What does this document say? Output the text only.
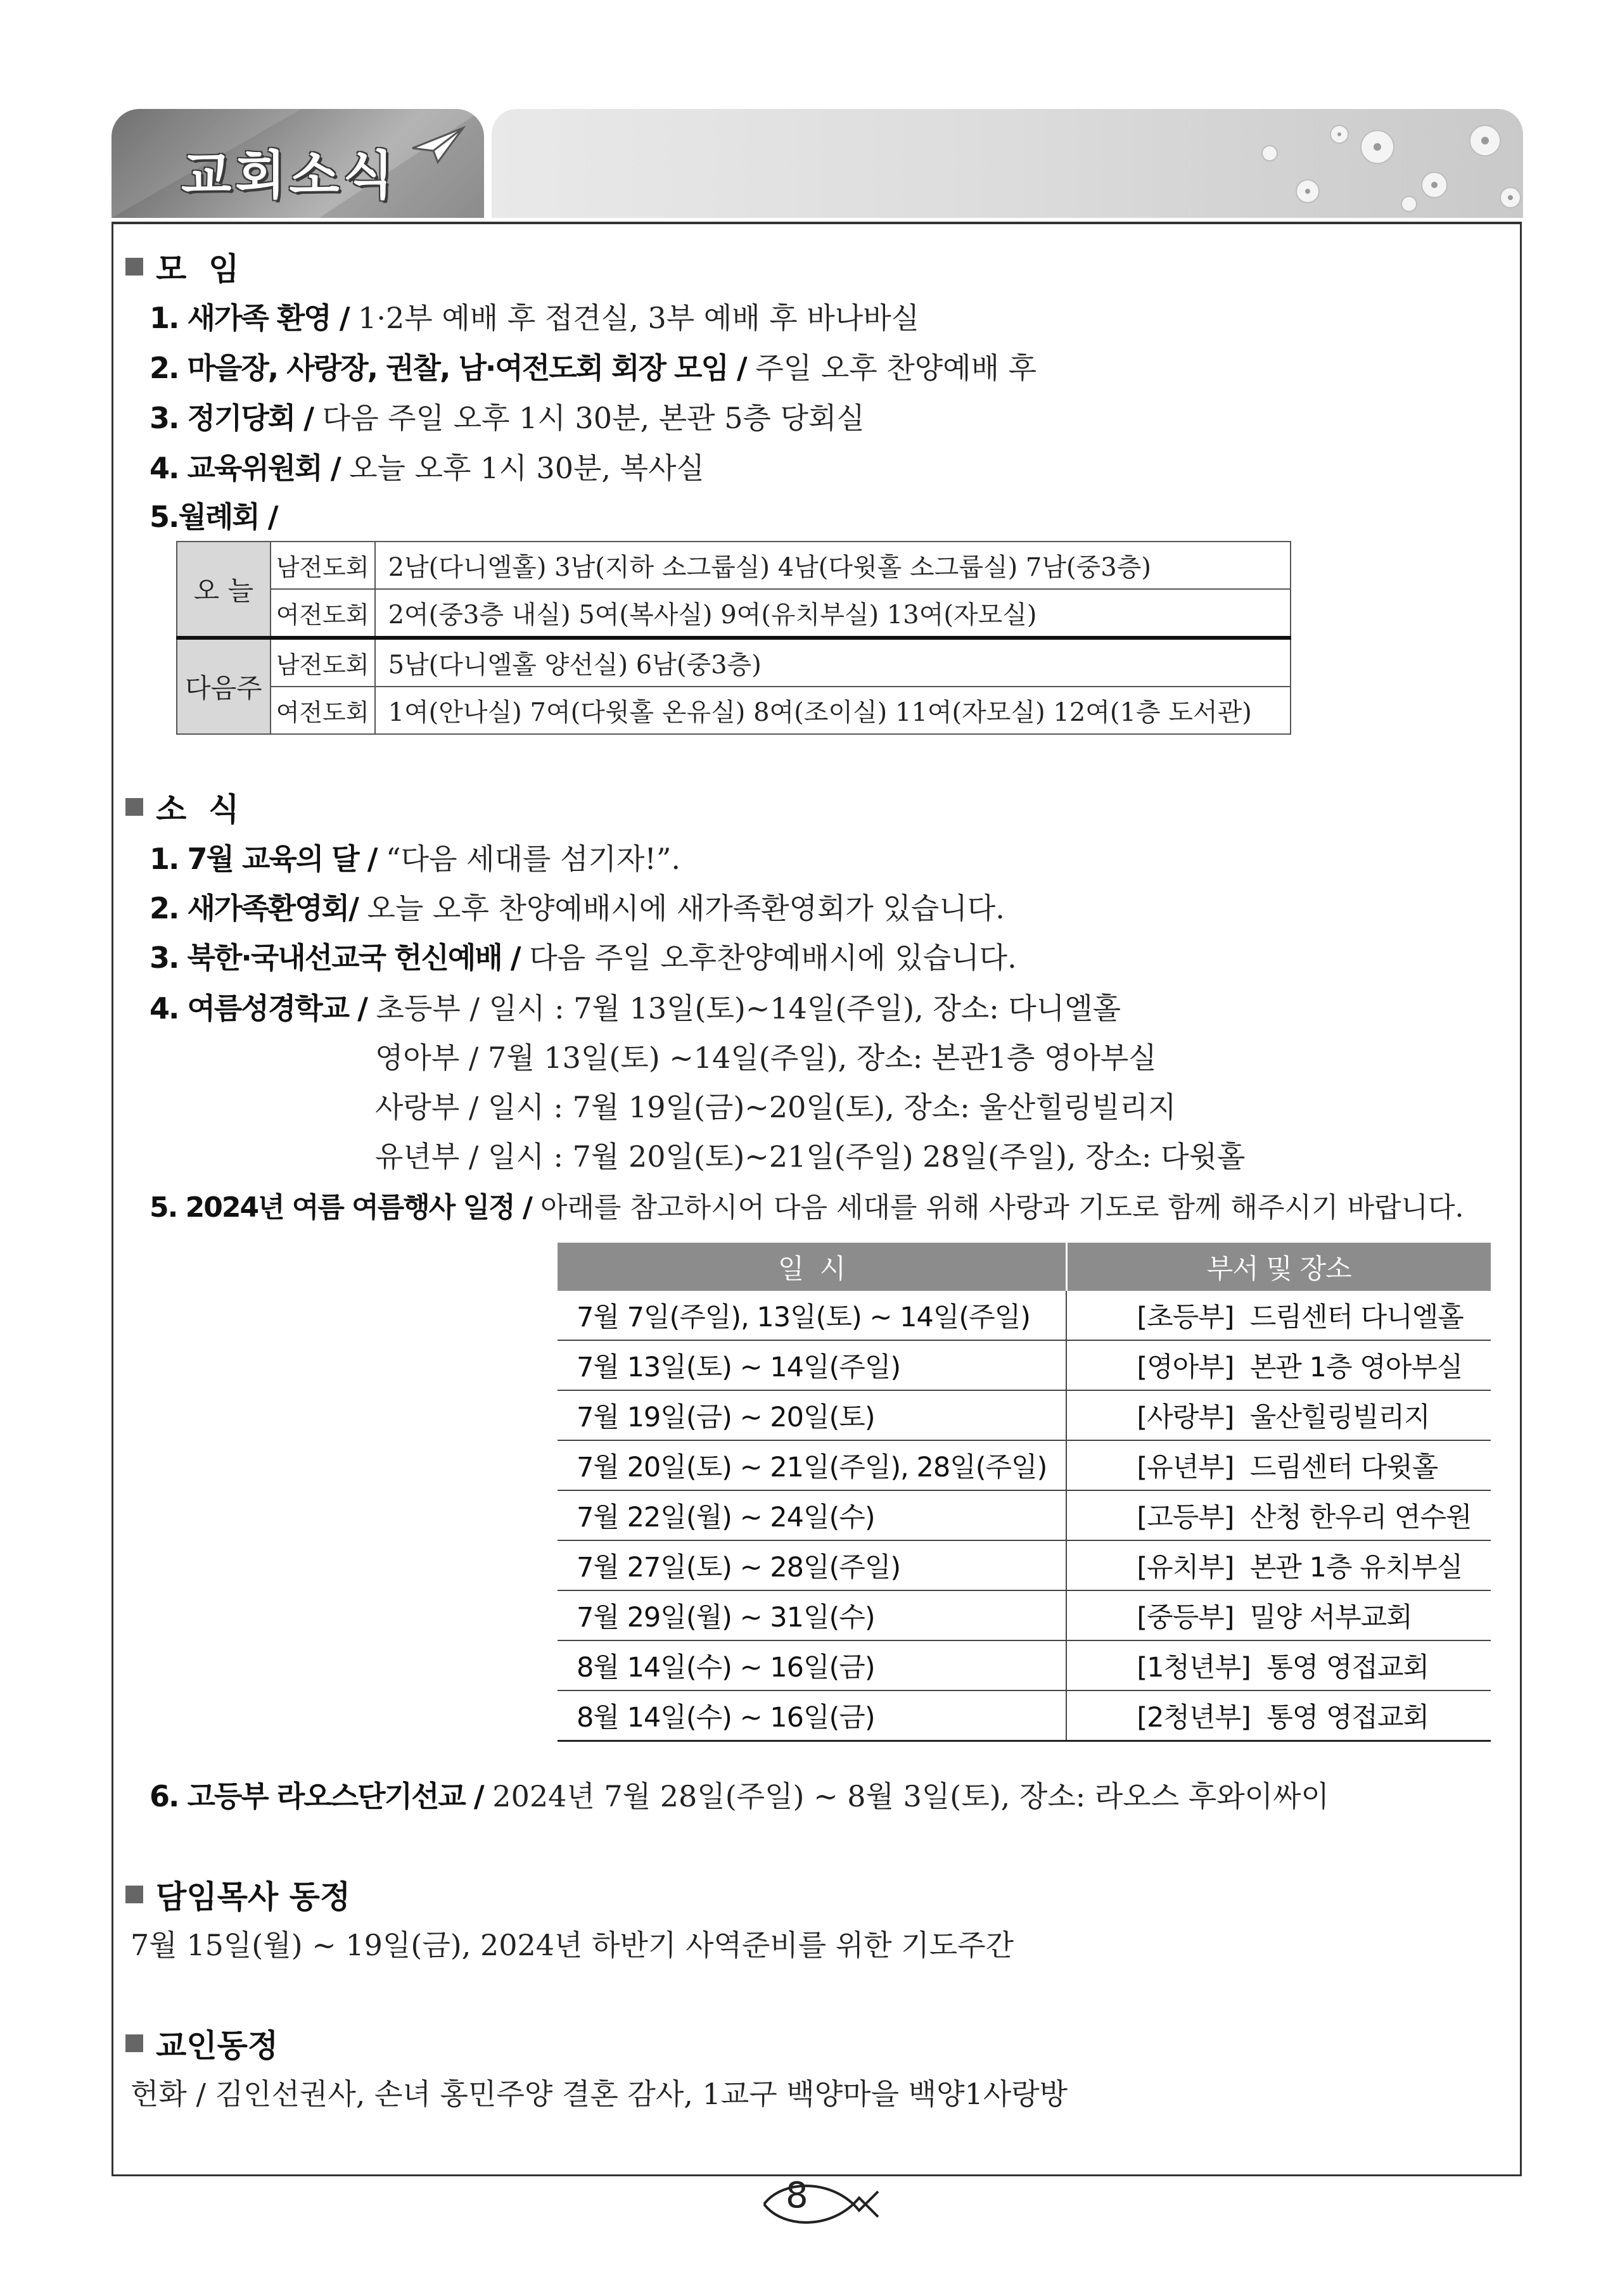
교회소식
모  임
1. 새가족 환영 / 1·2부 예배 후 접견실, 3부 예배 후 바나바실
2. 마을장, 사랑장, 권찰, 남·여전도회 회장 모임 / 주일 오후 찬양예배 후
3. 정기당회 / 다음 주일 오후 1시 30분, 본관 5층 당회실
4. 교육위원회 / 오늘 오후 1시 30분, 복사실
5.월례회 /
오 늘	남전도회	2남(다니엘홀) 3남(지하 소그룹실) 4남(다윗홀 소그룹실) 7남(중3층)
	여전도회	2여(중3층 내실) 5여(복사실) 9여(유치부실) 13여(자모실)
다음주	남전도회	5남(다니엘홀 양선실) 6남(중3층)
	여전도회	1여(안나실) 7여(다윗홀 온유실) 8여(조이실) 11여(자모실) 12여(1층 도서관)
소  식
1. 7월 교육의 달 / “다음 세대를 섬기자!”.
2. 새가족환영회/ 오늘 오후 찬양예배시에 새가족환영회가 있습니다.
3. 북한·국내선교국 헌신예배 / 다음 주일 오후찬양예배시에 있습니다.
4. 여름성경학교 / 초등부 / 일시 : 7월 13일(토)~14일(주일), 장소: 다니엘홀
영아부 / 7월 13일(토) ~14일(주일), 장소: 본관1층 영아부실
사랑부 / 일시 : 7월 19일(금)~20일(토), 장소: 울산힐링빌리지
유년부 / 일시 : 7월 20일(토)~21일(주일) 28일(주일), 장소: 다윗홀
5. 2024년 여름 여름행사 일정 / 아래를 참고하시어 다음 세대를 위해 사랑과 기도로 함께 해주시기 바랍니다.
일  시	부서 및 장소
7월 7일(주일), 13일(토) ~ 14일(주일)	[초등부]  드림센터 다니엘홀
7월 13일(토) ~ 14일(주일)	[영아부]  본관 1층 영아부실
7월 19일(금) ~ 20일(토)	[사랑부]  울산힐링빌리지
7월 20일(토) ~ 21일(주일), 28일(주일)	[유년부]  드림센터 다윗홀
7월 22일(월) ~ 24일(수)	[고등부]  산청 한우리 연수원
7월 27일(토) ~ 28일(주일)	[유치부]  본관 1층 유치부실
7월 29일(월) ~ 31일(수)	[중등부]  밀양 서부교회
8월 14일(수) ~ 16일(금)	[1청년부]  통영 영접교회
8월 14일(수) ~ 16일(금)	[2청년부]  통영 영접교회
6. 고등부 라오스단기선교 / 2024년 7월 28일(주일) ~ 8월 3일(토), 장소: 라오스 후와이싸이
담임목사 동정
7월 15일(월) ~ 19일(금), 2024년 하반기 사역준비를 위한 기도주간
교인동정
헌화 / 김인선권사, 손녀 홍민주양 결혼 감사, 1교구 백양마을 백양1사랑방
8
